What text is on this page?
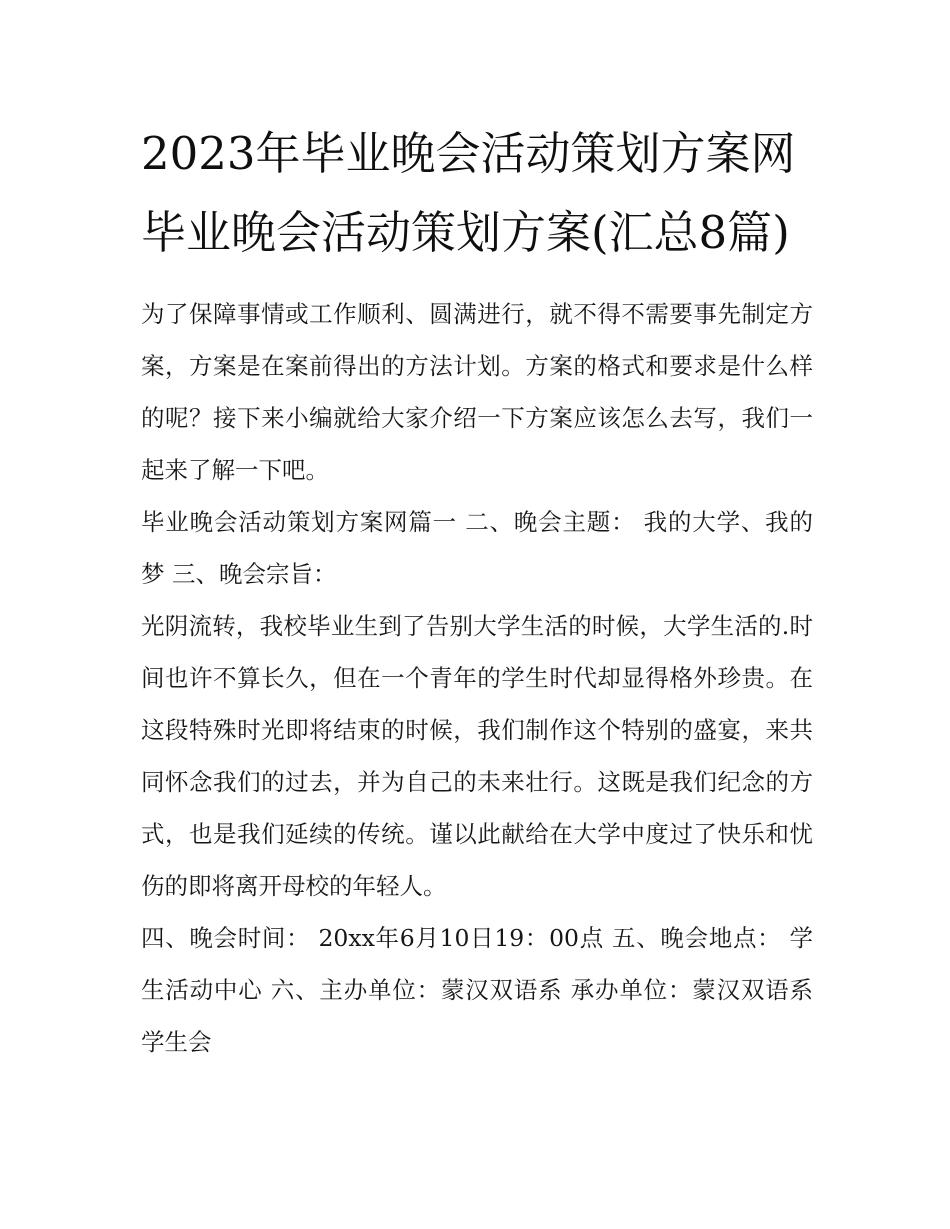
2023年毕业晚会活动策划方案网 毕业晚会活动策划方案(汇总8篇)

为了保障事情或工作顺利、圆满进行，就不得不需要事先制定方案，方案是在案前得出的方法计划。方案的格式和要求是什么样的呢？接下来小编就给大家介绍一下方案应该怎么去写，我们一起来了解一下吧。

毕业晚会活动策划方案网篇一 二、晚会主题： 我的大学、我的梦 三、晚会宗旨：

光阴流转，我校毕业生到了告别大学生活的时候，大学生活的.时间也许不算长久，但在一个青年的学生时代却显得格外珍贵。在这段特殊时光即将结束的时候，我们制作这个特别的盛宴，来共同怀念我们的过去，并为自己的未来壮行。这既是我们纪念的方式，也是我们延续的传统。谨以此献给在大学中度过了快乐和忧伤的即将离开母校的年轻人。

四、晚会时间： 20xx年6月10日19：00点 五、晚会地点： 学生活动中心 六、主办单位：蒙汉双语系 承办单位：蒙汉双语系学生会
